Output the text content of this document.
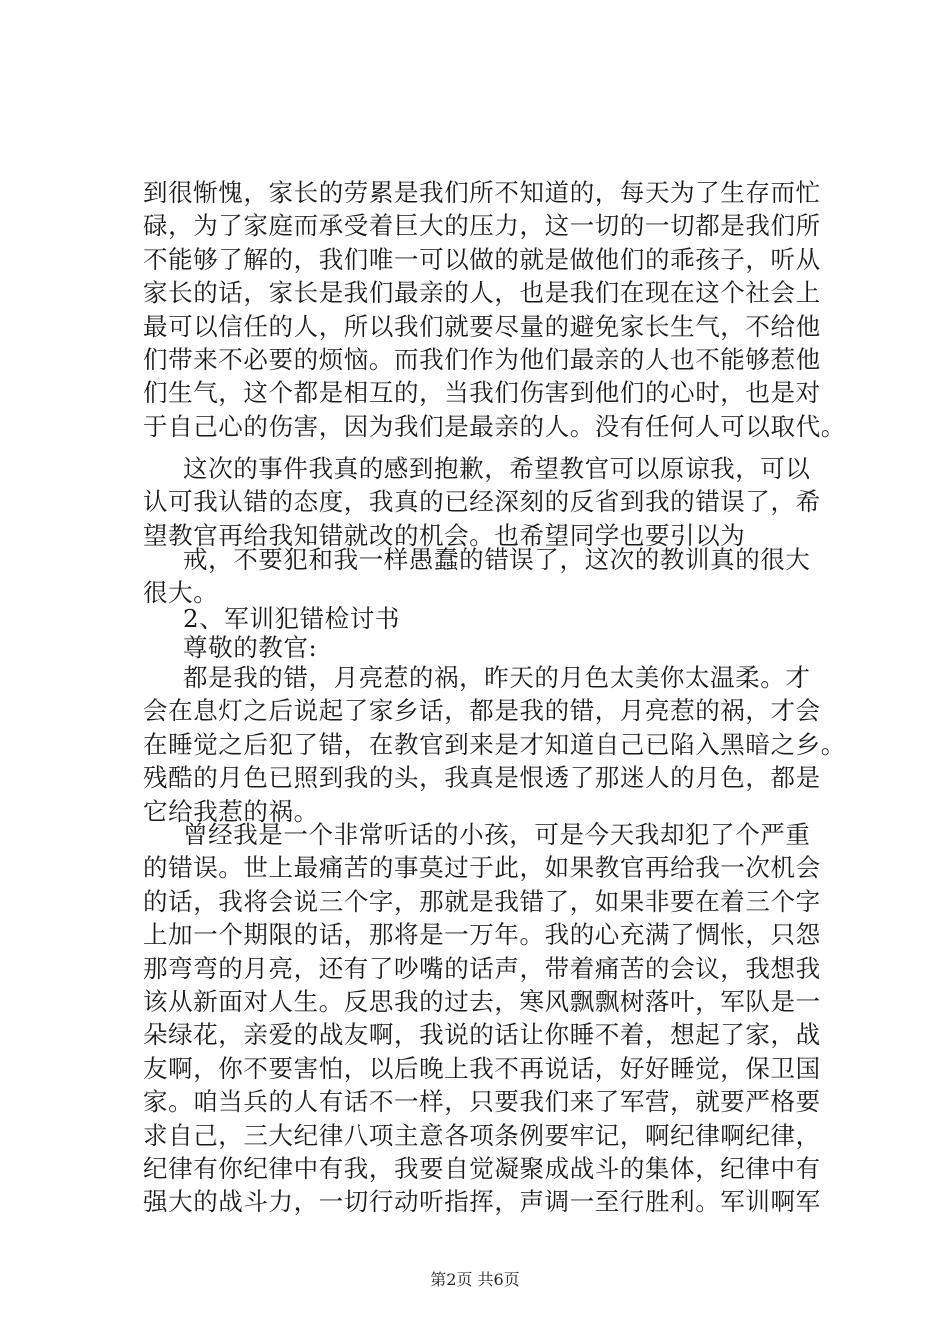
到很惭愧，家长的劳累是我们所不知道的，每天为了生存而忙
碌，为了家庭而承受着巨大的压力，这一切的一切都是我们所
不能够了解的，我们唯一可以做的就是做他们的乖孩子，听从
家长的话，家长是我们最亲的人，也是我们在现在这个社会上
最可以信任的人，所以我们就要尽量的避免家长生气，不给他
们带来不必要的烦恼。而我们作为他们最亲的人也不能够惹他
们生气，这个都是相互的，当我们伤害到他们的心时，也是对
于自己心的伤害，因为我们是最亲的人。没有任何人可以取代。
这次的事件我真的感到抱歉，希望教官可以原谅我，可以
认可我认错的态度，我真的已经深刻的反省到我的错误了，希
望教官再给我知错就改的机会。也希望同学也要引以为
戒，不要犯和我一样愚蠢的错误了，这次的教训真的很大
很大。
2、军训犯错检讨书
尊敬的教官:
都是我的错，月亮惹的祸，昨天的月色太美你太温柔。才
会在息灯之后说起了家乡话，都是我的错，月亮惹的祸，才会
在睡觉之后犯了错，在教官到来是才知道自己已陷入黑暗之乡。
残酷的月色已照到我的头，我真是恨透了那迷人的月色，都是
它给我惹的祸。
曾经我是一个非常听话的小孩，可是今天我却犯了个严重
的错误。世上最痛苦的事莫过于此，如果教官再给我一次机会
的话，我将会说三个字，那就是我错了，如果非要在着三个字
上加一个期限的话，那将是一万年。我的心充满了惆怅，只怨
那弯弯的月亮，还有了吵嘴的话声，带着痛苦的会议，我想我
该从新面对人生。反思我的过去，寒风飘飘树落叶，军队是一
朵绿花，亲爱的战友啊，我说的话让你睡不着，想起了家，战
友啊，你不要害怕，以后晚上我不再说话，好好睡觉，保卫国
家。咱当兵的人有话不一样，只要我们来了军营，就要严格要
求自己，三大纪律八项主意各项条例要牢记，啊纪律啊纪律，
纪律有你纪律中有我，我要自觉凝聚成战斗的集体，纪律中有
强大的战斗力，一切行动听指挥，声调一至行胜利。军训啊军
第2页 共6页
